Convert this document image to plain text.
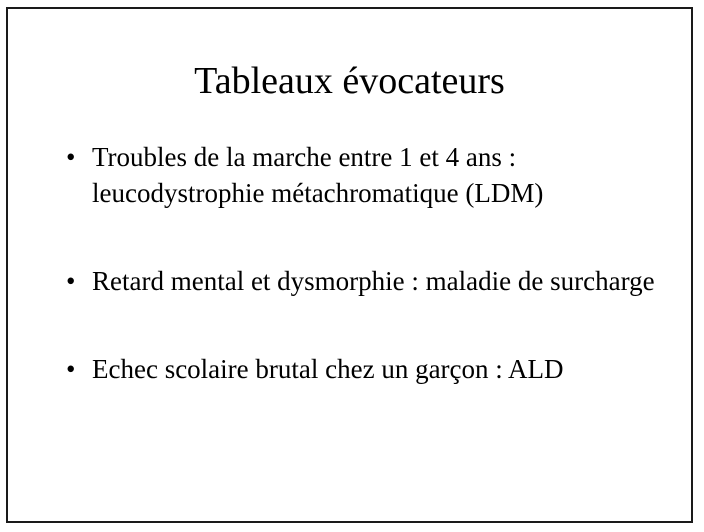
Tableaux évocateurs
• Troubles de la marche entre 1 et 4 ans : leucodystrophie métachromatique (LDM)
• Retard mental et dysmorphie : maladie de surcharge
• Echec scolaire brutal chez un garçon : ALD
